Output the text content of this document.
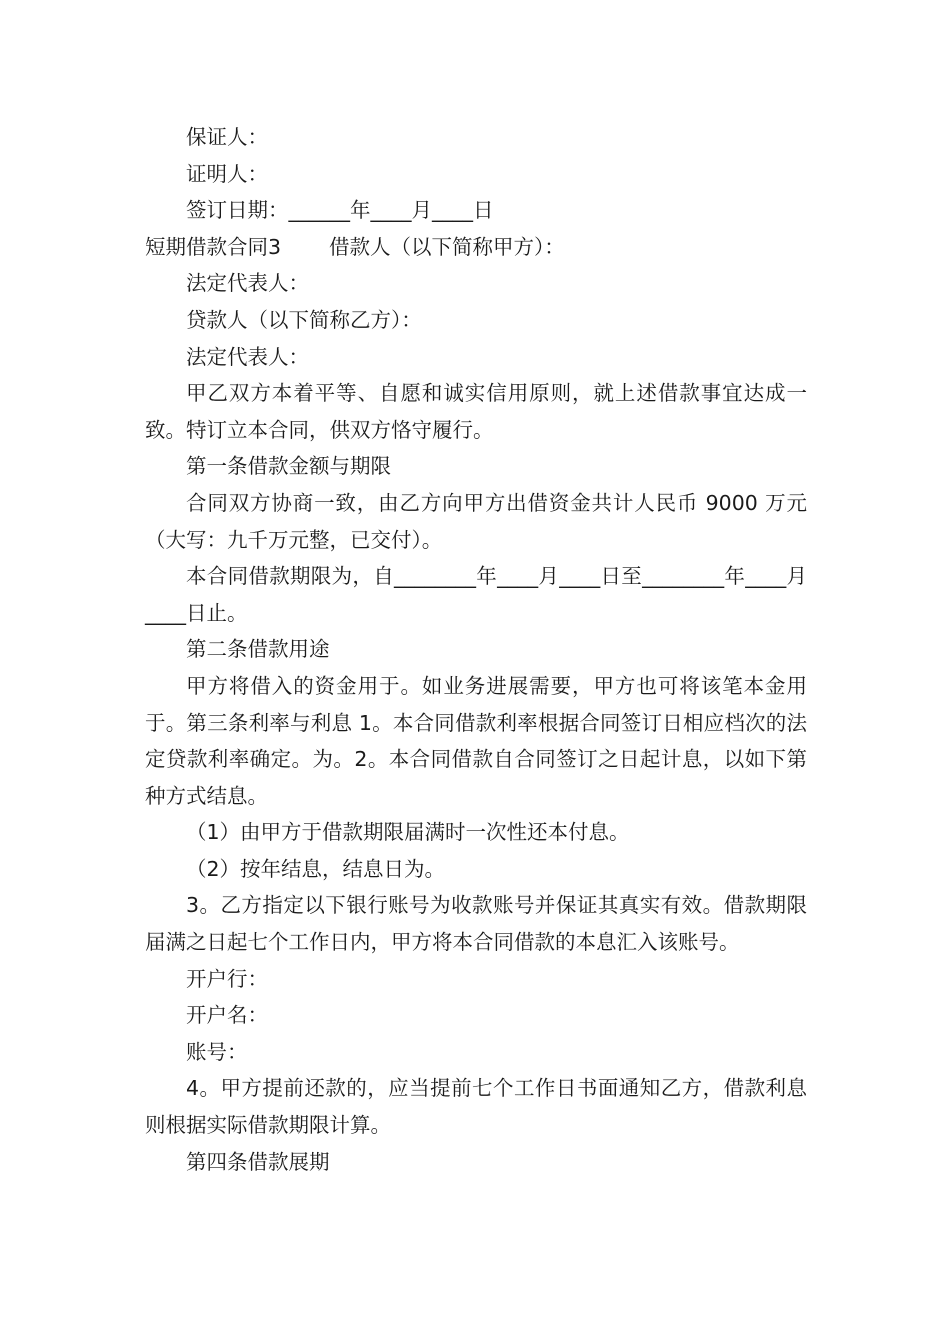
保证人：

证明人：

签订日期：______年____月____日

短期借款合同3 借款人（以下简称甲方）：

法定代表人：

贷款人（以下简称乙方）：

法定代表人：

甲乙双方本着平等、自愿和诚实信用原则，就上述借款事宜达成一致。特订立本合同，供双方恪守履行。

第一条借款金额与期限

合同双方协商一致，由乙方向甲方出借资金共计人民币 9000 万元（大写：九千万元整，已交付）。

本合同借款期限为，自________年____月____日至________年____月____日止。

第二条借款用途

甲方将借入的资金用于。如业务进展需要，甲方也可将该笔本金用于。第三条利率与利息 1。本合同借款利率根据合同签订日相应档次的法定贷款利率确定。为。2。本合同借款自合同签订之日起计息，以如下第种方式结息。

（1）由甲方于借款期限届满时一次性还本付息。

（2）按年结息，结息日为。

3。乙方指定以下银行账号为收款账号并保证其真实有效。借款期限届满之日起七个工作日内，甲方将本合同借款的本息汇入该账号。

开户行：

开户名：

账号：

4。甲方提前还款的，应当提前七个工作日书面通知乙方，借款利息则根据实际借款期限计算。

第四条借款展期
